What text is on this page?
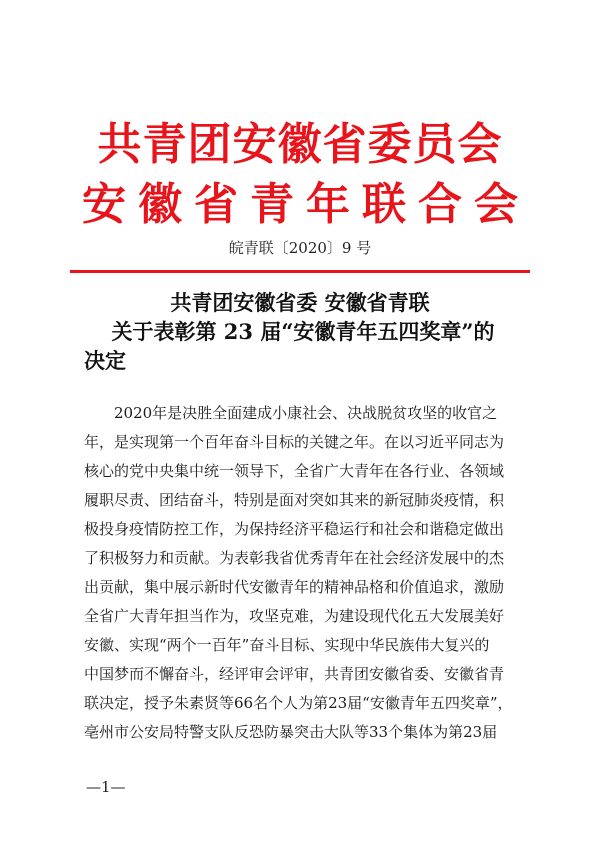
共青团安徽省委员会
安徽省青年联合会
皖青联〔2020〕9 号
共青团安徽省委 安徽省青联
关于表彰第 23 届“安徽青年五四奖章”的
决定
2020年是决胜全面建成小康社会、决战脱贫攻坚的收官之
年，是实现第一个百年奋斗目标的关键之年。在以习近平同志为
核心的党中央集中统一领导下，全省广大青年在各行业、各领域
履职尽责、团结奋斗，特别是面对突如其来的新冠肺炎疫情，积
极投身疫情防控工作，为保持经济平稳运行和社会和谐稳定做出
了积极努力和贡献。为表彰我省优秀青年在社会经济发展中的杰
出贡献，集中展示新时代安徽青年的精神品格和价值追求，激励
全省广大青年担当作为，攻坚克难，为建设现代化五大发展美好
安徽、实现“两个一百年”奋斗目标、实现中华民族伟大复兴的
中国梦而不懈奋斗，经评审会评审，共青团安徽省委、安徽省青
联决定，授予朱素贤等66名个人为第23届“安徽青年五四奖章”，
亳州市公安局特警支队反恐防暴突击大队等33个集体为第23届
—1—
